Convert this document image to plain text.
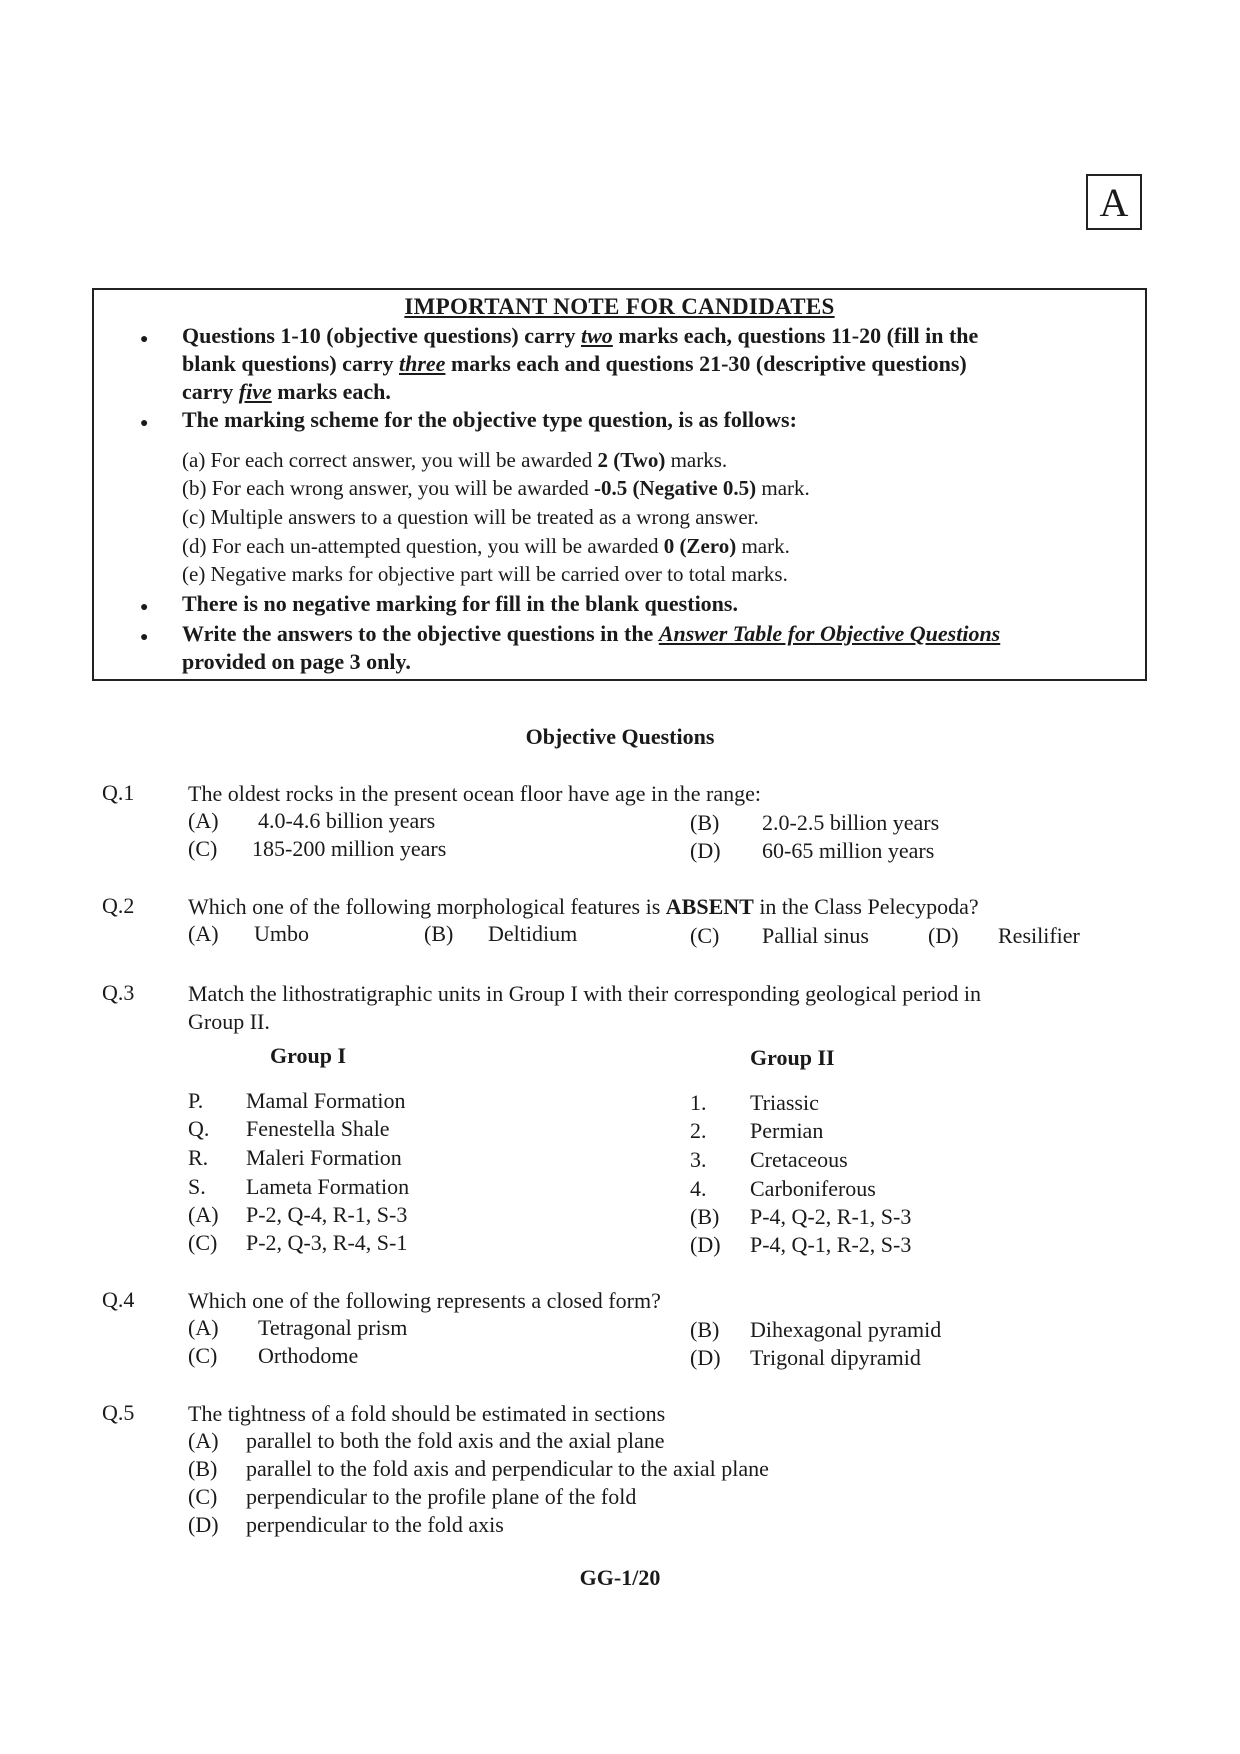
A
IMPORTANT NOTE FOR CANDIDATES
● Questions 1-10 (objective questions) carry two marks each, questions 11-20 (fill in the
blank questions) carry three marks each and questions 21-30 (descriptive questions)
carry five marks each.
● The marking scheme for the objective type question, is as follows:
(a) For each correct answer, you will be awarded 2 (Two) marks.
(b) For each wrong answer, you will be awarded -0.5 (Negative 0.5) mark.
(c) Multiple answers to a question will be treated as a wrong answer.
(d) For each un-attempted question, you will be awarded 0 (Zero) mark.
(e) Negative marks for objective part will be carried over to total marks.
● There is no negative marking for fill in the blank questions.
● Write the answers to the objective questions in the Answer Table for Objective Questions
provided on page 3 only.
Objective Questions
Q.1 The oldest rocks in the present ocean floor have age in the range:
(A) 4.0-4.6 billion years	(B) 2.0-2.5 billion years
(C) 185-200 million years	(D) 60-65 million years
Q.2 Which one of the following morphological features is ABSENT in the Class Pelecypoda?
(A) Umbo	(B) Deltidium	(C) Pallial sinus	(D) Resilifier
Q.3 Match the lithostratigraphic units in Group I with their corresponding geological period in
Group II.
Group I	Group II
P. Mamal Formation	1. Triassic
Q. Fenestella Shale	2. Permian
R. Maleri Formation	3. Cretaceous
S. Lameta Formation	4. Carboniferous
(A) P-2, Q-4, R-1, S-3	(B) P-4, Q-2, R-1, S-3
(C) P-2, Q-3, R-4, S-1	(D) P-4, Q-1, R-2, S-3
Q.4 Which one of the following represents a closed form?
(A) Tetragonal prism	(B) Dihexagonal pyramid
(C) Orthodome	(D) Trigonal dipyramid
Q.5 The tightness of a fold should be estimated in sections
(A) parallel to both the fold axis and the axial plane
(B) parallel to the fold axis and perpendicular to the axial plane
(C) perpendicular to the profile plane of the fold
(D) perpendicular to the fold axis
GG-1/20
